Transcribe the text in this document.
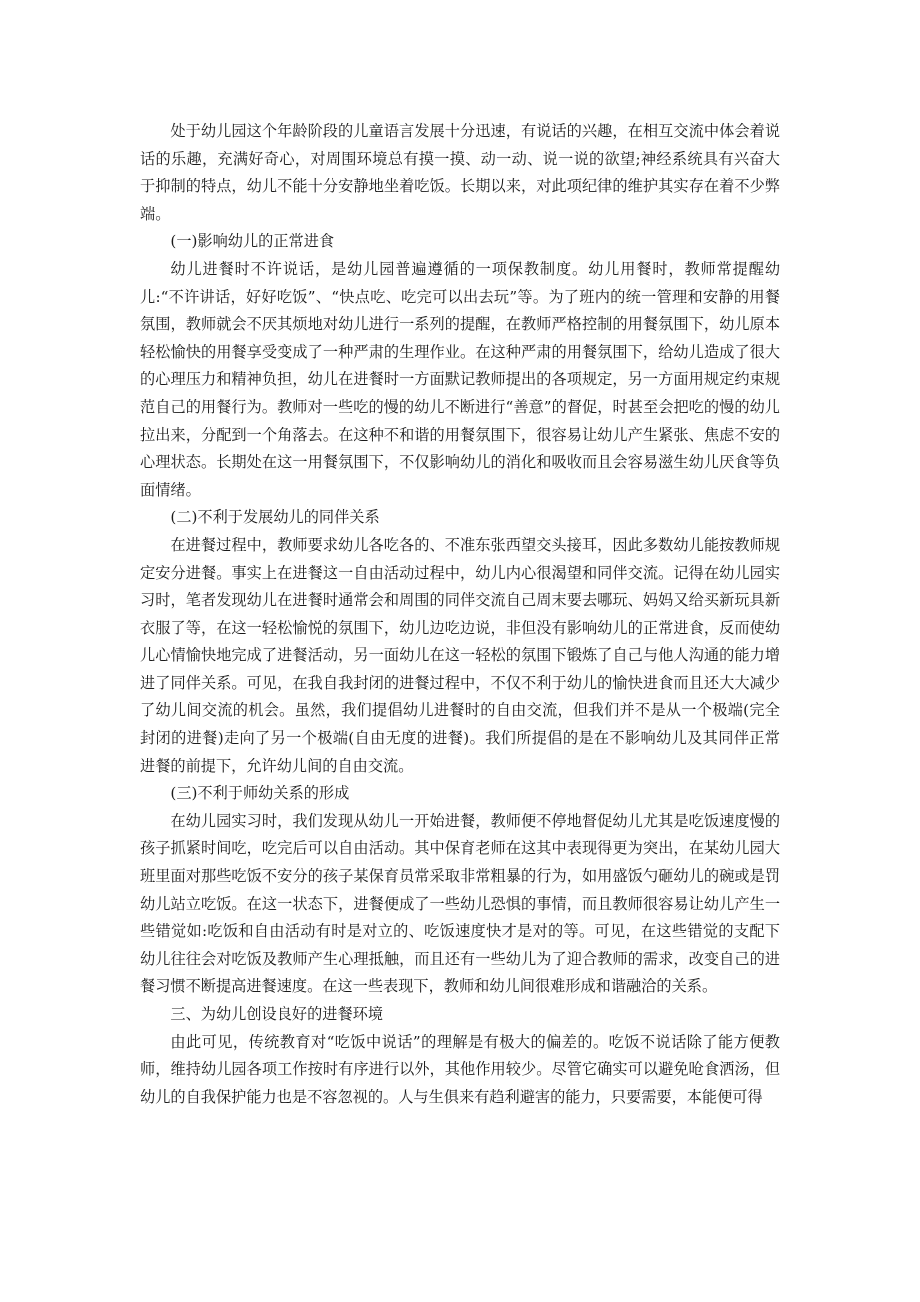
处于幼儿园这个年龄阶段的儿童语言发展十分迅速，有说话的兴趣，在相互交流中体会着说话的乐趣，充满好奇心，对周围环境总有摸一摸、动一动、说一说的欲望;神经系统具有兴奋大于抑制的特点，幼儿不能十分安静地坐着吃饭。长期以来，对此项纪律的维护其实存在着不少弊端。

(一)影响幼儿的正常进食

幼儿进餐时不许说话，是幼儿园普遍遵循的一项保教制度。幼儿用餐时，教师常提醒幼儿:“不许讲话，好好吃饭”、“快点吃、吃完可以出去玩”等。为了班内的统一管理和安静的用餐氛围，教师就会不厌其烦地对幼儿进行一系列的提醒，在教师严格控制的用餐氛围下，幼儿原本轻松愉快的用餐享受变成了一种严肃的生理作业。在这种严肃的用餐氛围下，给幼儿造成了很大的心理压力和精神负担，幼儿在进餐时一方面默记教师提出的各项规定，另一方面用规定约束规范自己的用餐行为。教师对一些吃的慢的幼儿不断进行“善意”的督促，时甚至会把吃的慢的幼儿拉出来，分配到一个角落去。在这种不和谐的用餐氛围下，很容易让幼儿产生紧张、焦虑不安的心理状态。长期处在这一用餐氛围下，不仅影响幼儿的消化和吸收而且会容易滋生幼儿厌食等负面情绪。

(二)不利于发展幼儿的同伴关系

在进餐过程中，教师要求幼儿各吃各的、不准东张西望交头接耳，因此多数幼儿能按教师规定安分进餐。事实上在进餐这一自由活动过程中，幼儿内心很渴望和同伴交流。记得在幼儿园实习时，笔者发现幼儿在进餐时通常会和周围的同伴交流自己周末要去哪玩、妈妈又给买新玩具新衣服了等，在这一轻松愉悦的氛围下，幼儿边吃边说，非但没有影响幼儿的正常进食，反而使幼儿心情愉快地完成了进餐活动，另一面幼儿在这一轻松的氛围下锻炼了自己与他人沟通的能力增进了同伴关系。可见，在我自我封闭的进餐过程中，不仅不利于幼儿的愉快进食而且还大大减少了幼儿间交流的机会。虽然，我们提倡幼儿进餐时的自由交流，但我们并不是从一个极端(完全封闭的进餐)走向了另一个极端(自由无度的进餐)。我们所提倡的是在不影响幼儿及其同伴正常进餐的前提下，允许幼儿间的自由交流。

(三)不利于师幼关系的形成

在幼儿园实习时，我们发现从幼儿一开始进餐，教师便不停地督促幼儿尤其是吃饭速度慢的孩子抓紧时间吃，吃完后可以自由活动。其中保育老师在这其中表现得更为突出，在某幼儿园大班里面对那些吃饭不安分的孩子某保育员常采取非常粗暴的行为，如用盛饭勺砸幼儿的碗或是罚幼儿站立吃饭。在这一状态下，进餐便成了一些幼儿恐惧的事情，而且教师很容易让幼儿产生一些错觉如:吃饭和自由活动有时是对立的、吃饭速度快才是对的等。可见，在这些错觉的支配下幼儿往往会对吃饭及教师产生心理抵触，而且还有一些幼儿为了迎合教师的需求，改变自己的进餐习惯不断提高进餐速度。在这一些表现下，教师和幼儿间很难形成和谐融洽的关系。

三、为幼儿创设良好的进餐环境

由此可见，传统教育对“吃饭中说话”的理解是有极大的偏差的。吃饭不说话除了能方便教师，维持幼儿园各项工作按时有序进行以外，其他作用较少。尽管它确实可以避免呛食洒汤，但幼儿的自我保护能力也是不容忽视的。人与生俱来有趋利避害的能力，只要需要，本能便可得
